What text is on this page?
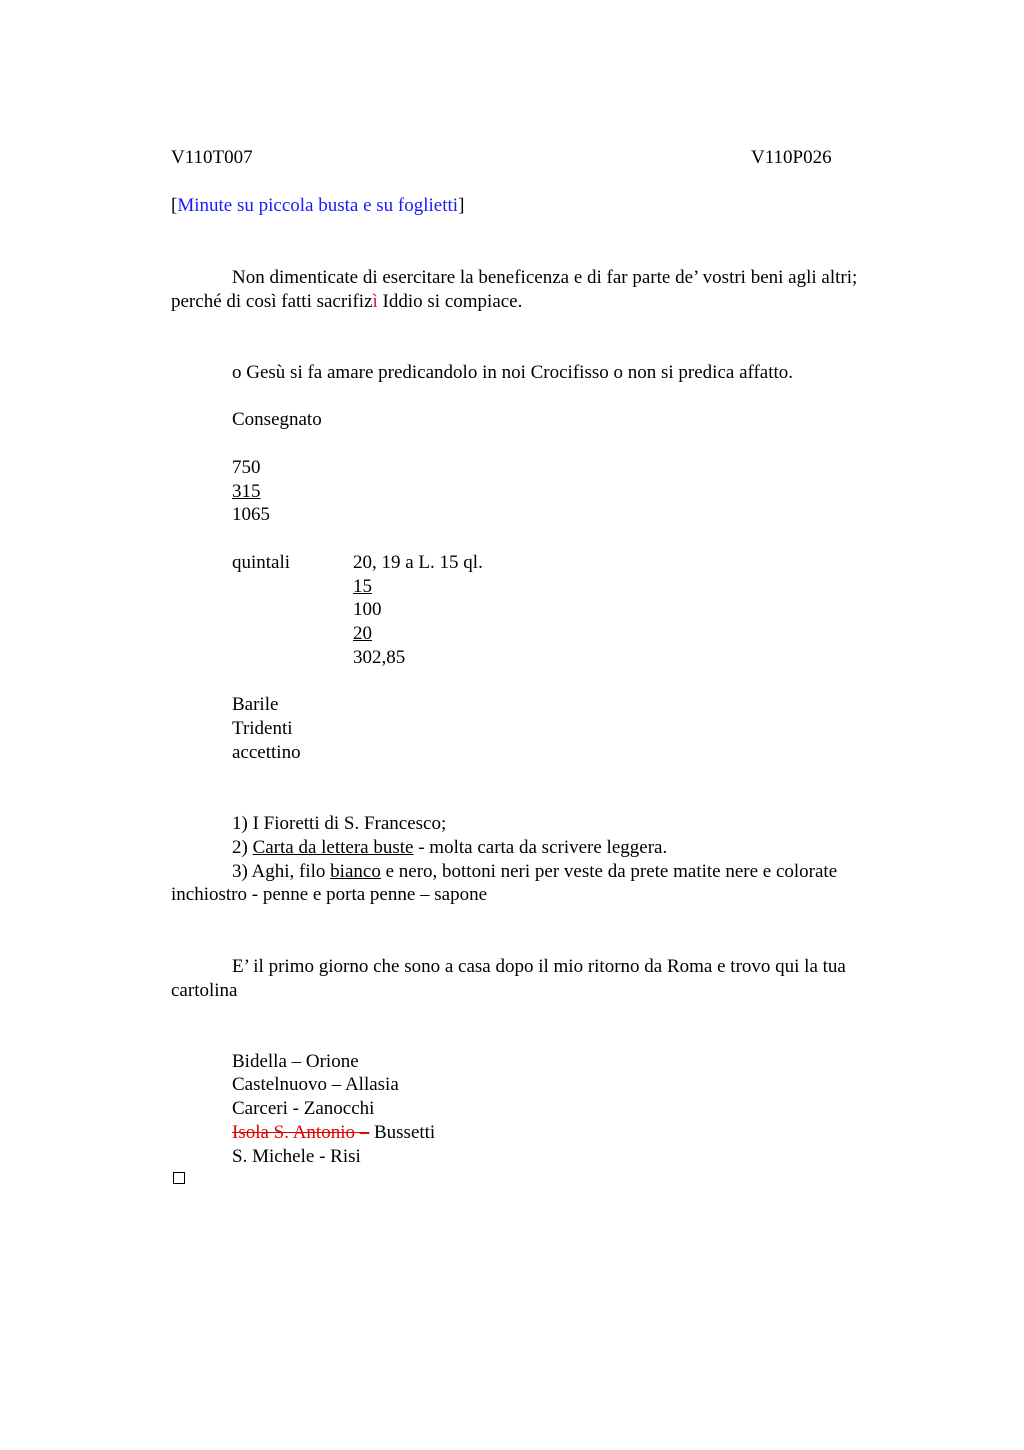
V110T007	V110P026
[Minute su piccola busta e su foglietti]
Non dimenticate di esercitare la beneficenza e di far parte de’ vostri beni agli altri;
perché di così fatti sacrifizì Iddio si compiace.
o Gesù si fa amare predicandolo in noi Crocifisso o non si predica affatto.
Consegnato
750
315
1065
quintali	20, 19 a L. 15 ql.
15
100
20
302,85
Barile
Tridenti
accettino
1) I Fioretti di S. Francesco;
2) Carta da lettera buste - molta carta da scrivere leggera.
3) Aghi, filo bianco e nero, bottoni neri per veste da prete matite nere e colorate
inchiostro - penne e porta penne – sapone
E’ il primo giorno che sono a casa dopo il mio ritorno da Roma e trovo qui la tua
cartolina
Bidella – Orione
Castelnuovo – Allasia
Carceri - Zanocchi
Isola S. Antonio – Bussetti
S. Michele - Risi
